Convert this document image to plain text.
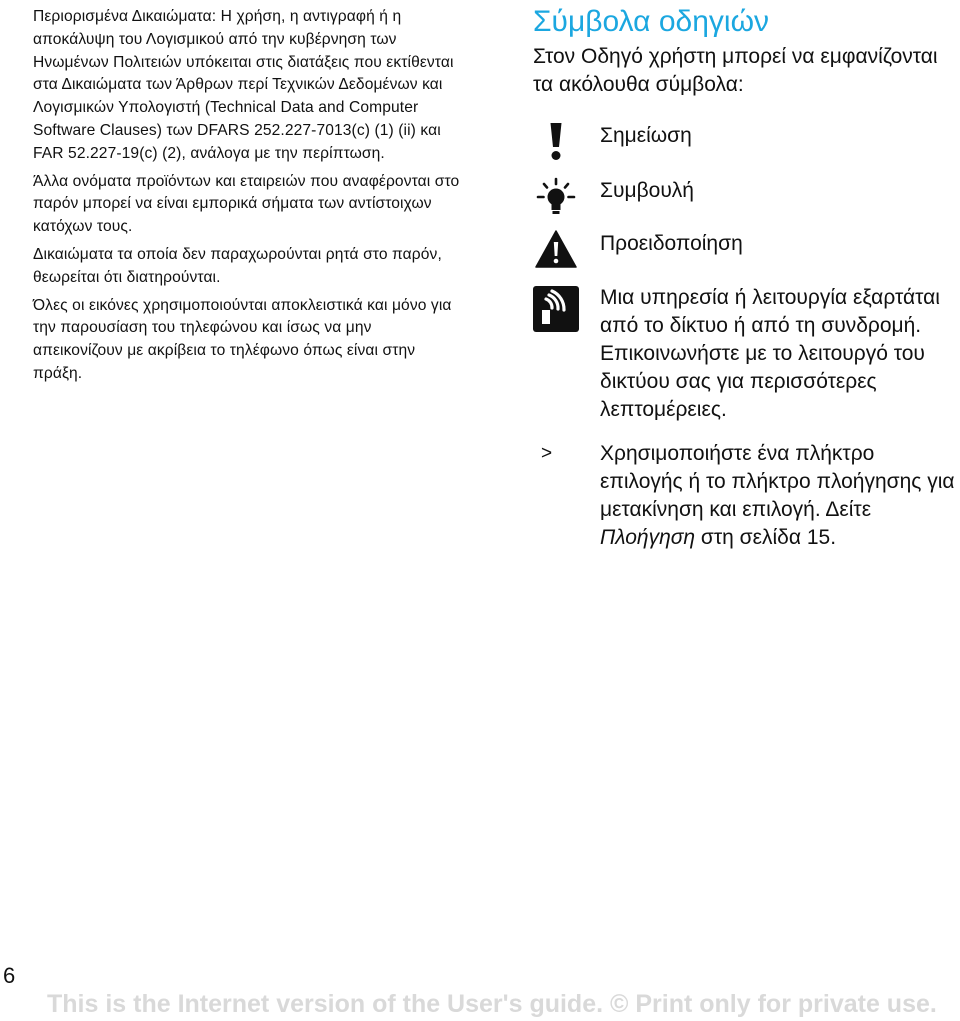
Περιορισμένα Δικαιώματα: Η χρήση, η αντιγραφή ή η αποκάλυψη του Λογισμικού από την κυβέρνηση των Ηνωμένων Πολιτειών υπόκειται στις διατάξεις που εκτίθενται στα Δικαιώματα των Άρθρων περί Τεχνικών Δεδομένων και Λογισμικών Υπολογιστή (Technical Data and Computer Software Clauses) των DFARS 252.227-7013(c) (1) (ii) και FAR 52.227-19(c) (2), ανάλογα με την περίπτωση.

Άλλα ονόματα προϊόντων και εταιρειών που αναφέρονται στο παρόν μπορεί να είναι εμπορικά σήματα των αντίστοιχων κατόχων τους.

Δικαιώματα τα οποία δεν παραχωρούνται ρητά στο παρόν, θεωρείται ότι διατηρούνται.

Όλες οι εικόνες χρησιμοποιούνται αποκλειστικά και μόνο για την παρουσίαση του τηλεφώνου και ίσως να μην απεικονίζουν με ακρίβεια το τηλέφωνο όπως είναι στην πράξη.

Σύμβολα οδηγιών

Στον Οδηγό χρήστη μπορεί να εμφανίζονται τα ακόλουθα σύμβολα:

Σημείωση
Συμβουλή
Προειδοποίηση
Μια υπηρεσία ή λειτουργία εξαρτάται από το δίκτυο ή από τη συνδρομή. Επικοινωνήστε με το λειτουργό του δικτύου σας για περισσότερες λεπτομέρειες.
>	Χρησιμοποιήστε ένα πλήκτρο επιλογής ή το πλήκτρο πλοήγησης για μετακίνηση και επιλογή. Δείτε Πλοήγηση στη σελίδα 15.
6
This is the Internet version of the User's guide. © Print only for private use.
